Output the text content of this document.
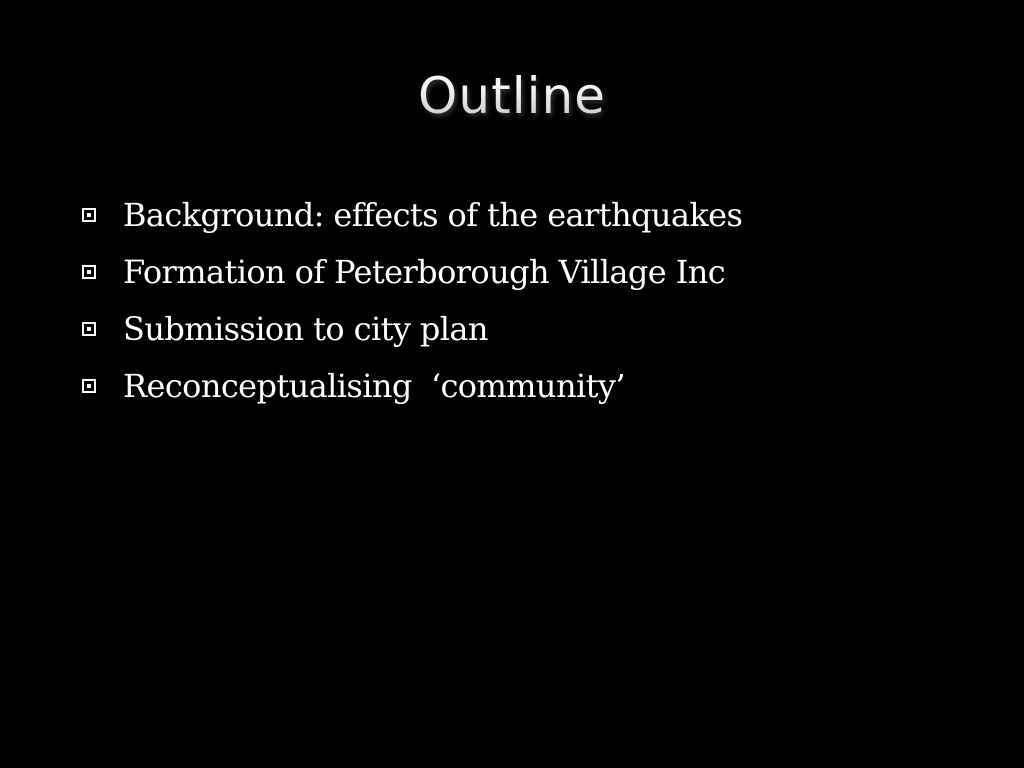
Outline
Background: effects of the earthquakes
Formation of Peterborough Village Inc
Submission to city plan
Reconceptualising  ‘community’
